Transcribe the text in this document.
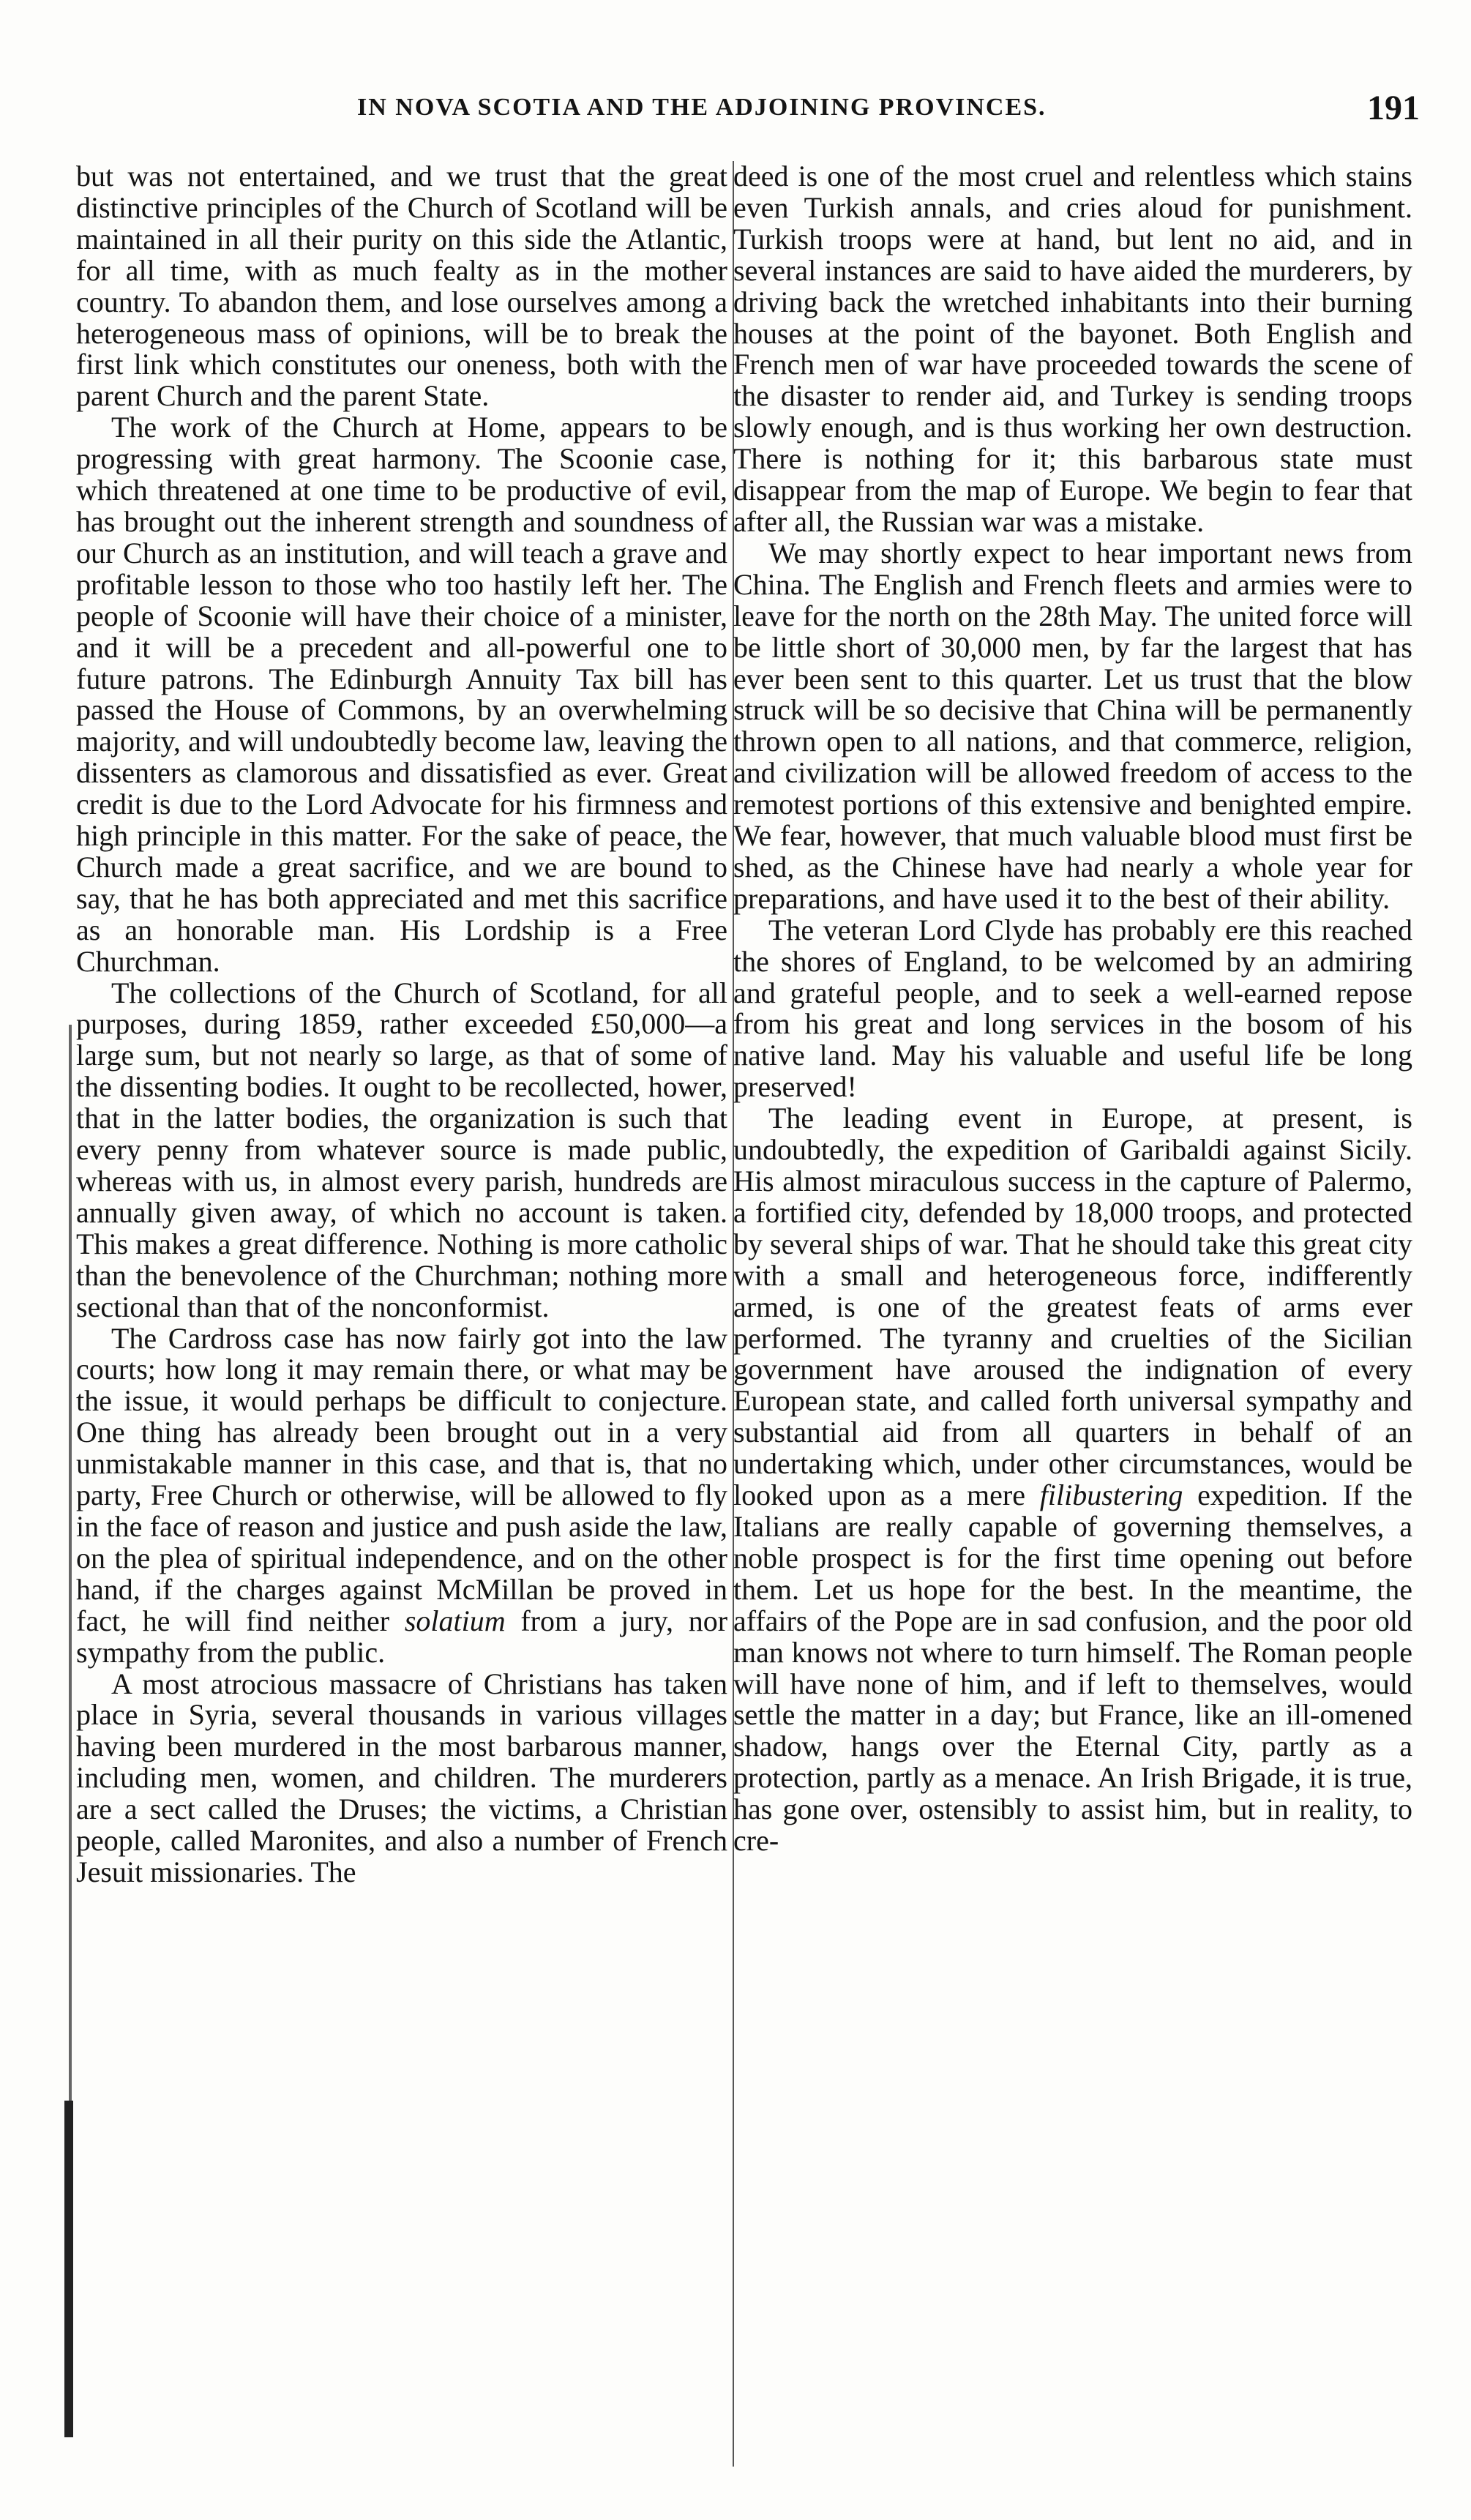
IN NOVA SCOTIA AND THE ADJOINING PROVINCES.	191

but was not entertained, and we trust that the great distinctive principles of the Church of Scotland will be maintained in all their purity on this side the Atlantic, for all time, with as much fealty as in the mother country. To abandon them, and lose ourselves among a heterogeneous mass of opinions, will be to break the first link which constitutes our oneness, both with the parent Church and the parent State.

The work of the Church at Home, appears to be progressing with great harmony. The Scoonie case, which threatened at one time to be productive of evil, has brought out the inherent strength and soundness of our Church as an institution, and will teach a grave and profitable lesson to those who too hastily left her. The people of Scoonie will have their choice of a minister, and it will be a precedent and all-powerful one to future patrons. The Edinburgh Annuity Tax bill has passed the House of Commons, by an overwhelming majority, and will undoubtedly become law, leaving the dissenters as clamorous and dissatisfied as ever. Great credit is due to the Lord Advocate for his firmness and high principle in this matter. For the sake of peace, the Church made a great sacrifice, and we are bound to say, that he has both appreciated and met this sacrifice as an honorable man. His Lordship is a Free Churchman.

The collections of the Church of Scotland, for all purposes, during 1859, rather exceeded £50,000—a large sum, but not nearly so large, as that of some of the dissenting bodies. It ought to be recollected, hower, that in the latter bodies, the organization is such that every penny from whatever source is made public, whereas with us, in almost every parish, hundreds are annually given away, of which no account is taken. This makes a great difference. Nothing is more catholic than the benevolence of the Churchman; nothing more sectional than that of the nonconformist.

The Cardross case has now fairly got into the law courts; how long it may remain there, or what may be the issue, it would perhaps be difficult to conjecture. One thing has already been brought out in a very unmistakable manner in this case, and that is, that no party, Free Church or otherwise, will be allowed to fly in the face of reason and justice and push aside the law, on the plea of spiritual independence, and on the other hand, if the charges against McMillan be proved in fact, he will find neither solatium from a jury, nor sympathy from the public.

A most atrocious massacre of Christians has taken place in Syria, several thousands in various villages having been murdered in the most barbarous manner, including men, women, and children. The murderers are a sect called the Druses; the victims, a Christian people, called Maronites, and also a number of French Jesuit missionaries. The

deed is one of the most cruel and relentless which stains even Turkish annals, and cries aloud for punishment. Turkish troops were at hand, but lent no aid, and in several instances are said to have aided the murderers, by driving back the wretched inhabitants into their burning houses at the point of the bayonet. Both English and French men of war have proceeded towards the scene of the disaster to render aid, and Turkey is sending troops slowly enough, and is thus working her own destruction. There is nothing for it; this barbarous state must disappear from the map of Europe. We begin to fear that after all, the Russian war was a mistake.

We may shortly expect to hear important news from China. The English and French fleets and armies were to leave for the north on the 28th May. The united force will be little short of 30,000 men, by far the largest that has ever been sent to this quarter. Let us trust that the blow struck will be so decisive that China will be permanently thrown open to all nations, and that commerce, religion, and civilization will be allowed freedom of access to the remotest portions of this extensive and benighted empire. We fear, however, that much valuable blood must first be shed, as the Chinese have had nearly a whole year for preparations, and have used it to the best of their ability.

The veteran Lord Clyde has probably ere this reached the shores of England, to be welcomed by an admiring and grateful people, and to seek a well-earned repose from his great and long services in the bosom of his native land. May his valuable and useful life be long preserved!

The leading event in Europe, at present, is undoubtedly, the expedition of Garibaldi against Sicily. His almost miraculous success in the capture of Palermo, a fortified city, defended by 18,000 troops, and protected by several ships of war. That he should take this great city with a small and heterogeneous force, indifferently armed, is one of the greatest feats of arms ever performed. The tyranny and cruelties of the Sicilian government have aroused the indignation of every European state, and called forth universal sympathy and substantial aid from all quarters in behalf of an undertaking which, under other circumstances, would be looked upon as a mere filibustering expedition. If the Italians are really capable of governing themselves, a noble prospect is for the first time opening out before them. Let us hope for the best. In the meantime, the affairs of the Pope are in sad confusion, and the poor old man knows not where to turn himself. The Roman people will have none of him, and if left to themselves, would settle the matter in a day; but France, like an ill-omened shadow, hangs over the Eternal City, partly as a protection, partly as a menace. An Irish Brigade, it is true, has gone over, ostensibly to assist him, but in reality, to cre-
